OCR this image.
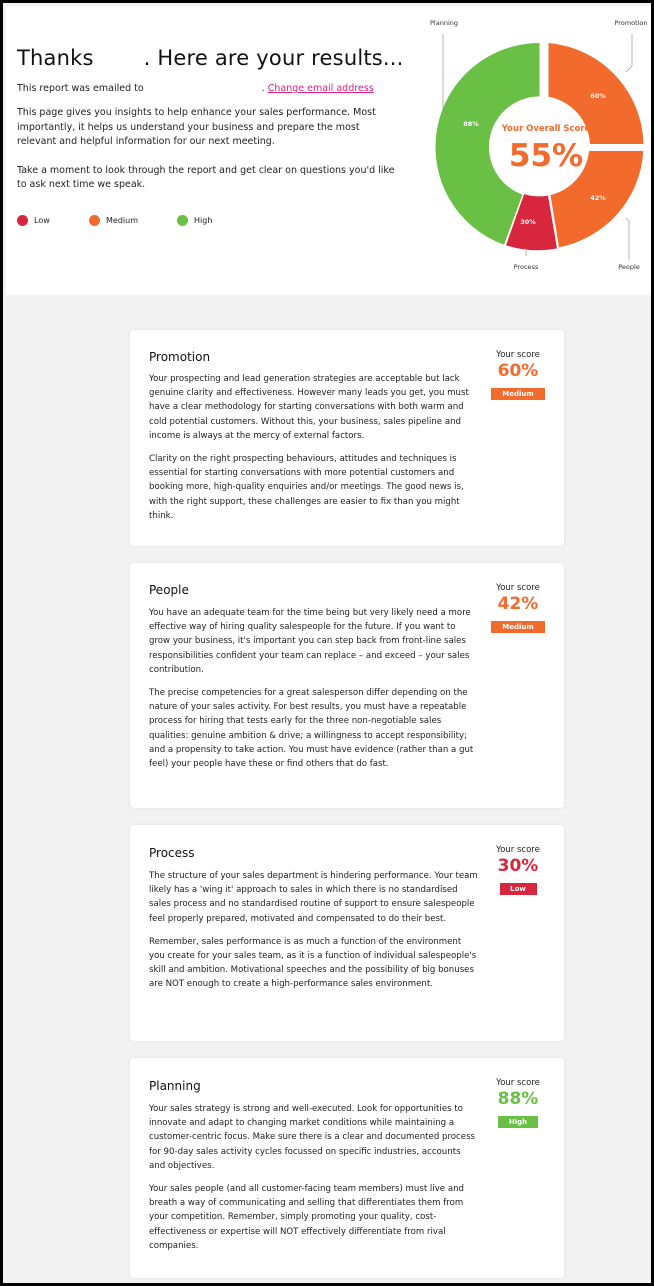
Thanks . Here are your results...
This report was emailed to	. Change email address

This page gives you insights to help enhance your sales performance. Most importantly, it helps us understand your business and prepare the most relevant and helpful information for our next meeting.

Take a moment to look through the report and get clear on questions you'd like to ask next time we speak.

Low	Medium	High
60%
42%
30%
88%	Your Overall Score
55%
Planning	Promotion
People
Process
Promotion

Your prospecting and lead generation strategies are acceptable but lack genuine clarity and effectiveness. However many leads you get, you must have a clear methodology for starting conversations with both warm and cold potential customers. Without this, your business, sales pipeline and income is always at the mercy of external factors.

Clarity on the right prospecting behaviours, attitudes and techniques is essential for starting conversations with more potential customers and booking more, high-quality enquiries and/or meetings. The good news is, with the right support, these challenges are easier to fix than you might think.

Your score
60%
Medium
People

You have an adequate team for the time being but very likely need a more effective way of hiring quality salespeople for the future. If you want to grow your business, it's important you can step back from front-line sales responsibilities confident your team can replace – and exceed – your sales contribution.

The precise competencies for a great salesperson differ depending on the nature of your sales activity. For best results, you must have a repeatable process for hiring that tests early for the three non-negotiable sales qualities: genuine ambition & drive; a willingness to accept responsibility; and a propensity to take action. You must have evidence (rather than a gut feel) your people have these or find others that do fast.

Your score
42%
Medium
Process

The structure of your sales department is hindering performance. Your team likely has a 'wing it' approach to sales in which there is no standardised sales process and no standardised routine of support to ensure salespeople feel properly prepared, motivated and compensated to do their best.

Remember, sales performance is as much a function of the environment you create for your sales team, as it is a function of individual salespeople's skill and ambition. Motivational speeches and the possibility of big bonuses are NOT enough to create a high-performance sales environment.

Your score
30%
Low
Planning

Your sales strategy is strong and well-executed. Look for opportunities to innovate and adapt to changing market conditions while maintaining a customer-centric focus. Make sure there is a clear and documented process for 90-day sales activity cycles focussed on specific industries, accounts and objectives.

Your sales people (and all customer-facing team members) must live and breath a way of communicating and selling that differentiates them from your competition. Remember, simply promoting your quality, cost-effectiveness or expertise will NOT effectively differentiate from rival companies.

Your score
88%
High
